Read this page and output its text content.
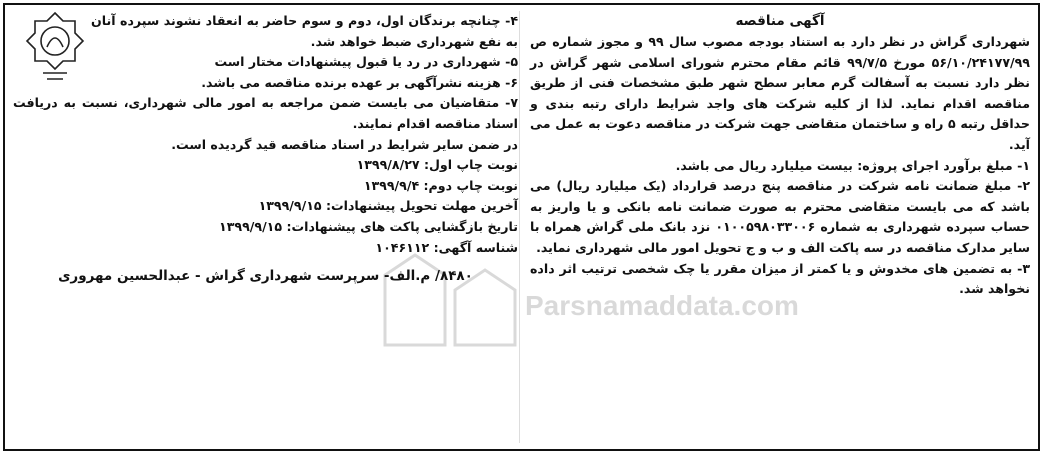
Parsnamaddata.com
آگهی مناقصه

شهرداری گراش در نظر دارد به استناد بودجه مصوب سال ۹۹ و مجوز شماره ص ۵۶/۱۰/۲۴۱۷۷/۹۹ مورخ ۹۹/۷/۵ قائم مقام محترم شورای اسلامی شهر گراش در نظر دارد نسبت به آسفالت گرم معابر سطح شهر طبق مشخصات فنی از طریق مناقصه اقدام نماید. لذا از کلیه شرکت های واجد شرایط دارای رتبه بندی و حداقل رتبه ۵ راه و ساختمان متقاضی جهت شرکت در مناقصه دعوت به عمل می آید.

۱- مبلغ برآورد اجرای پروژه: بیست میلیارد ریال می باشد.

۲- مبلغ ضمانت نامه شرکت در مناقصه پنج درصد قرارداد (یک میلیارد ریال) می باشد که می بایست متقاضی محترم به صورت ضمانت نامه بانکی و یا واریز به حساب سپرده شهرداری به شماره ۰۱۰۰۵۹۸۰۳۳۰۰۶ نزد بانک ملی گراش همراه با سایر مدارک مناقصه در سه پاکت الف و ب و ج تحویل امور مالی شهرداری نماید.

۳- به تضمین های مخدوش و یا کمتر از میزان مقرر یا چک شخصی ترتیب اثر داده نخواهد شد.

۴- چنانچه برندگان اول، دوم و سوم حاضر به انعقاد نشوند سپرده آنان به نفع شهرداری ضبط خواهد شد.

۵- شهرداری در رد یا قبول پیشنهادات مختار است

۶- هزینه نشرآگهی بر عهده برنده مناقصه می باشد.

۷- متقاضیان می بایست ضمن مراجعه به امور مالی شهرداری، نسبت به دریافت اسناد مناقصه اقدام نمایند.

در ضمن سایر شرایط در اسناد مناقصه قید گردیده است.

نوبت چاپ اول: ۱۳۹۹/۸/۲۷

نوبت چاپ دوم: ۱۳۹۹/۹/۴

آخرین مهلت تحویل پیشنهادات: ۱۳۹۹/۹/۱۵

تاریخ بازگشایی پاکت های پیشنهادات: ۱۳۹۹/۹/۱۵

شناسه آگهی: ۱۰۴۶۱۱۲

۸۴۸۰/ م.الف- سرپرست شهرداری گراش - عبدالحسین مهروری
